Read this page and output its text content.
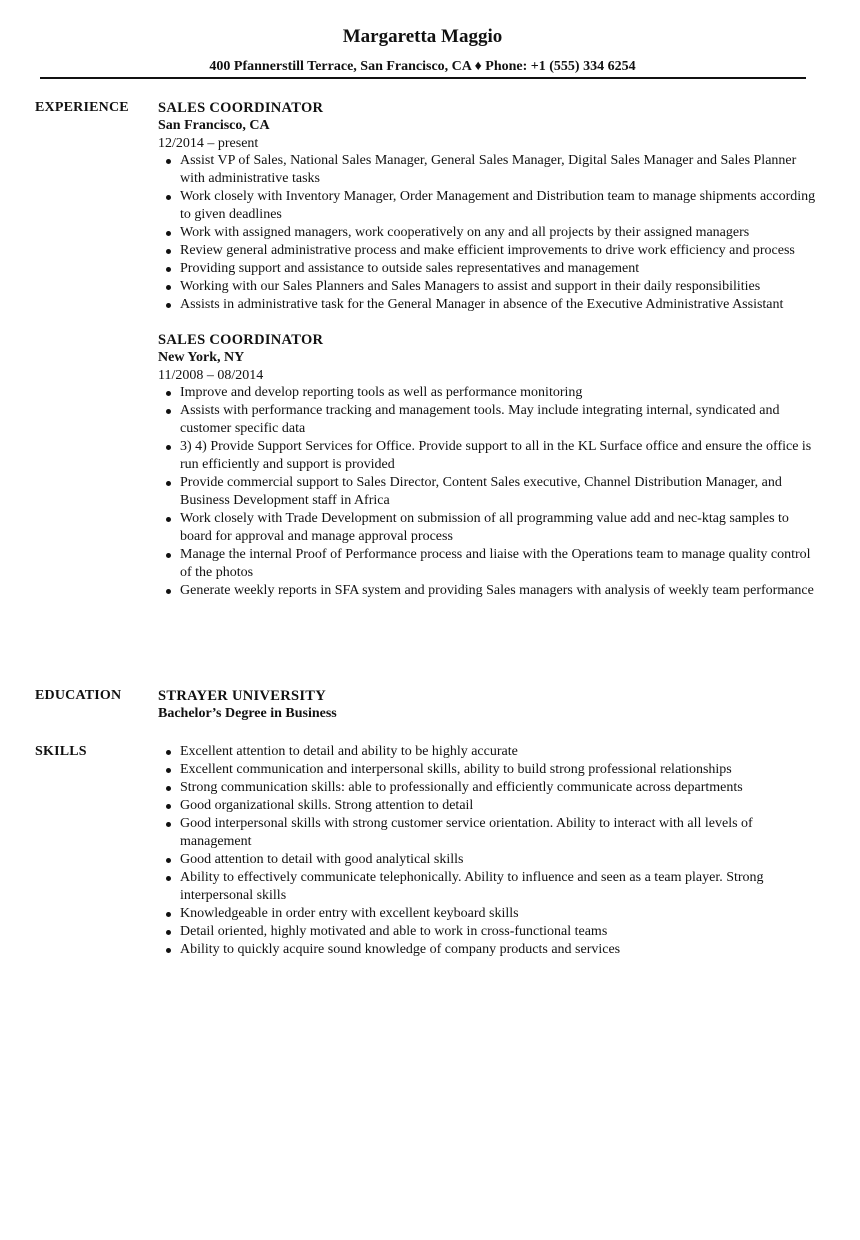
Margaretta Maggio
400 Pfannerstill Terrace, San Francisco, CA ♦ Phone: +1 (555) 334 6254
EXPERIENCE SALES COORDINATOR
San Francisco, CA
12/2014 – present
Assist VP of Sales, National Sales Manager, General Sales Manager, Digital Sales Manager and Sales Planner with administrative tasks
Work closely with Inventory Manager, Order Management and Distribution team to manage shipments according to given deadlines
Work with assigned managers, work cooperatively on any and all projects by their assigned managers
Review general administrative process and make efficient improvements to drive work efficiency and process
Providing support and assistance to outside sales representatives and management
Working with our Sales Planners and Sales Managers to assist and support in their daily responsibilities
Assists in administrative task for the General Manager in absence of the Executive Administrative Assistant
SALES COORDINATOR
New York, NY
11/2008 – 08/2014
Improve and develop reporting tools as well as performance monitoring
Assists with performance tracking and management tools. May include integrating internal, syndicated and customer specific data
3) 4) Provide Support Services for Office. Provide support to all in the KL Surface office and ensure the office is run efficiently and support is provided
Provide commercial support to Sales Director, Content Sales executive, Channel Distribution Manager, and Business Development staff in Africa
Work closely with Trade Development on submission of all programming value add and nec-ktag samples to board for approval and manage approval process
Manage the internal Proof of Performance process and liaise with the Operations team to manage quality control of the photos
Generate weekly reports in SFA system and providing Sales managers with analysis of weekly team performance
EDUCATION	STRAYER UNIVERSITY
Bachelor’s Degree in Business
SKILLS	Excellent attention to detail and ability to be highly accurate
Excellent communication and interpersonal skills, ability to build strong professional relationships
Strong communication skills: able to professionally and efficiently communicate across departments
Good organizational skills. Strong attention to detail
Good interpersonal skills with strong customer service orientation. Ability to interact with all levels of management
Good attention to detail with good analytical skills
Ability to effectively communicate telephonically. Ability to influence and seen as a team player. Strong interpersonal skills
Knowledgeable in order entry with excellent keyboard skills
Detail oriented, highly motivated and able to work in cross-functional teams
Ability to quickly acquire sound knowledge of company products and services
